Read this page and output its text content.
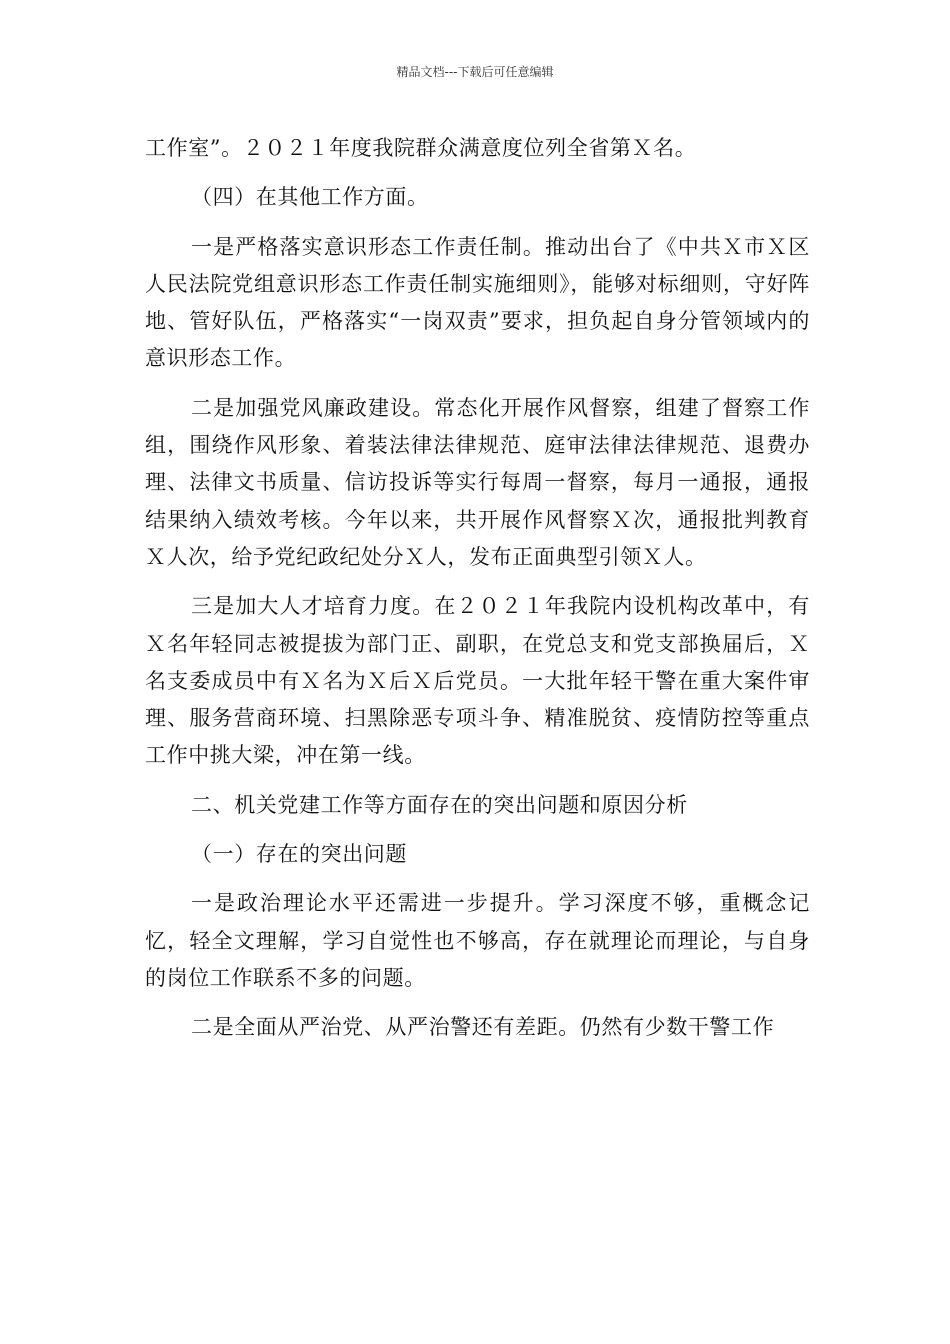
精品文档---下载后可任意编辑

工作室”。２０２１年度我院群众满意度位列全省第Ｘ名。

（四）在其他工作方面。

一是严格落实意识形态工作责任制。推动出台了《中共Ｘ市Ｘ区人民法院党组意识形态工作责任制实施细则》，能够对标细则，守好阵地、管好队伍，严格落实“一岗双责”要求，担负起自身分管领域内的意识形态工作。

二是加强党风廉政建设。常态化开展作风督察，组建了督察工作组，围绕作风形象、着装法律法律规范、庭审法律法律规范、退费办理、法律文书质量、信访投诉等实行每周一督察，每月一通报，通报结果纳入绩效考核。今年以来，共开展作风督察Ｘ次，通报批判教育Ｘ人次，给予党纪政纪处分Ｘ人，发布正面典型引领Ｘ人。

三是加大人才培育力度。在２０２１年我院内设机构改革中，有Ｘ名年轻同志被提拔为部门正、副职，在党总支和党支部换届后，Ｘ名支委成员中有Ｘ名为Ｘ后Ｘ后党员。一大批年轻干警在重大案件审理、服务营商环境、扫黑除恶专项斗争、精准脱贫、疫情防控等重点工作中挑大梁，冲在第一线。

二、机关党建工作等方面存在的突出问题和原因分析

（一）存在的突出问题

一是政治理论水平还需进一步提升。学习深度不够，重概念记忆，轻全文理解，学习自觉性也不够高，存在就理论而理论，与自身的岗位工作联系不多的问题。

二是全面从严治党、从严治警还有差距。仍然有少数干警工作
